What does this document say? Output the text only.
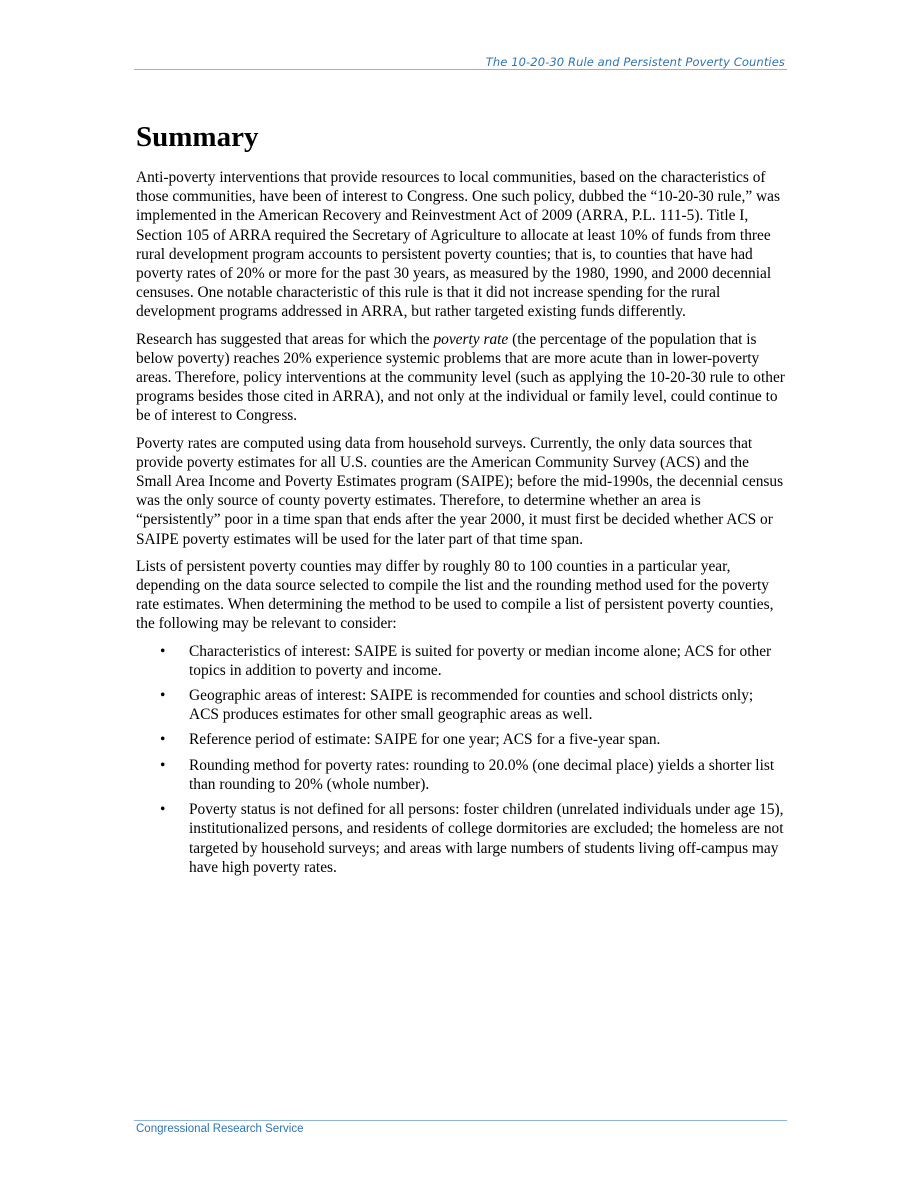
The 10-20-30 Rule and Persistent Poverty Counties
Summary

Anti-poverty interventions that provide resources to local communities, based on the characteristics of those communities, have been of interest to Congress. One such policy, dubbed the “10-20-30 rule,” was implemented in the American Recovery and Reinvestment Act of 2009 (ARRA, P.L. 111-5). Title I, Section 105 of ARRA required the Secretary of Agriculture to allocate at least 10% of funds from three rural development program accounts to persistent poverty counties; that is, to counties that have had poverty rates of 20% or more for the past 30 years, as measured by the 1980, 1990, and 2000 decennial censuses. One notable characteristic of this rule is that it did not increase spending for the rural development programs addressed in ARRA, but rather targeted existing funds differently.

Research has suggested that areas for which the poverty rate (the percentage of the population that is below poverty) reaches 20% experience systemic problems that are more acute than in lower-poverty areas. Therefore, policy interventions at the community level (such as applying the 10-20-30 rule to other programs besides those cited in ARRA), and not only at the individual or family level, could continue to be of interest to Congress.

Poverty rates are computed using data from household surveys. Currently, the only data sources that provide poverty estimates for all U.S. counties are the American Community Survey (ACS) and the Small Area Income and Poverty Estimates program (SAIPE); before the mid-1990s, the decennial census was the only source of county poverty estimates. Therefore, to determine whether an area is “persistently” poor in a time span that ends after the year 2000, it must first be decided whether ACS or SAIPE poverty estimates will be used for the later part of that time span.

Lists of persistent poverty counties may differ by roughly 80 to 100 counties in a particular year, depending on the data source selected to compile the list and the rounding method used for the poverty rate estimates. When determining the method to be used to compile a list of persistent poverty counties, the following may be relevant to consider:

•
Characteristics of interest: SAIPE is suited for poverty or median income alone; ACS for other topics in addition to poverty and income.
•
Geographic areas of interest: SAIPE is recommended for counties and school districts only; ACS produces estimates for other small geographic areas as well.
•
Reference period of estimate: SAIPE for one year; ACS for a five-year span.
•
Rounding method for poverty rates: rounding to 20.0% (one decimal place) yields a shorter list than rounding to 20% (whole number).
•
Poverty status is not defined for all persons: foster children (unrelated individuals under age 15), institutionalized persons, and residents of college dormitories are excluded; the homeless are not targeted by household surveys; and areas with large numbers of students living off-campus may have high poverty rates.
Congressional Research Service
